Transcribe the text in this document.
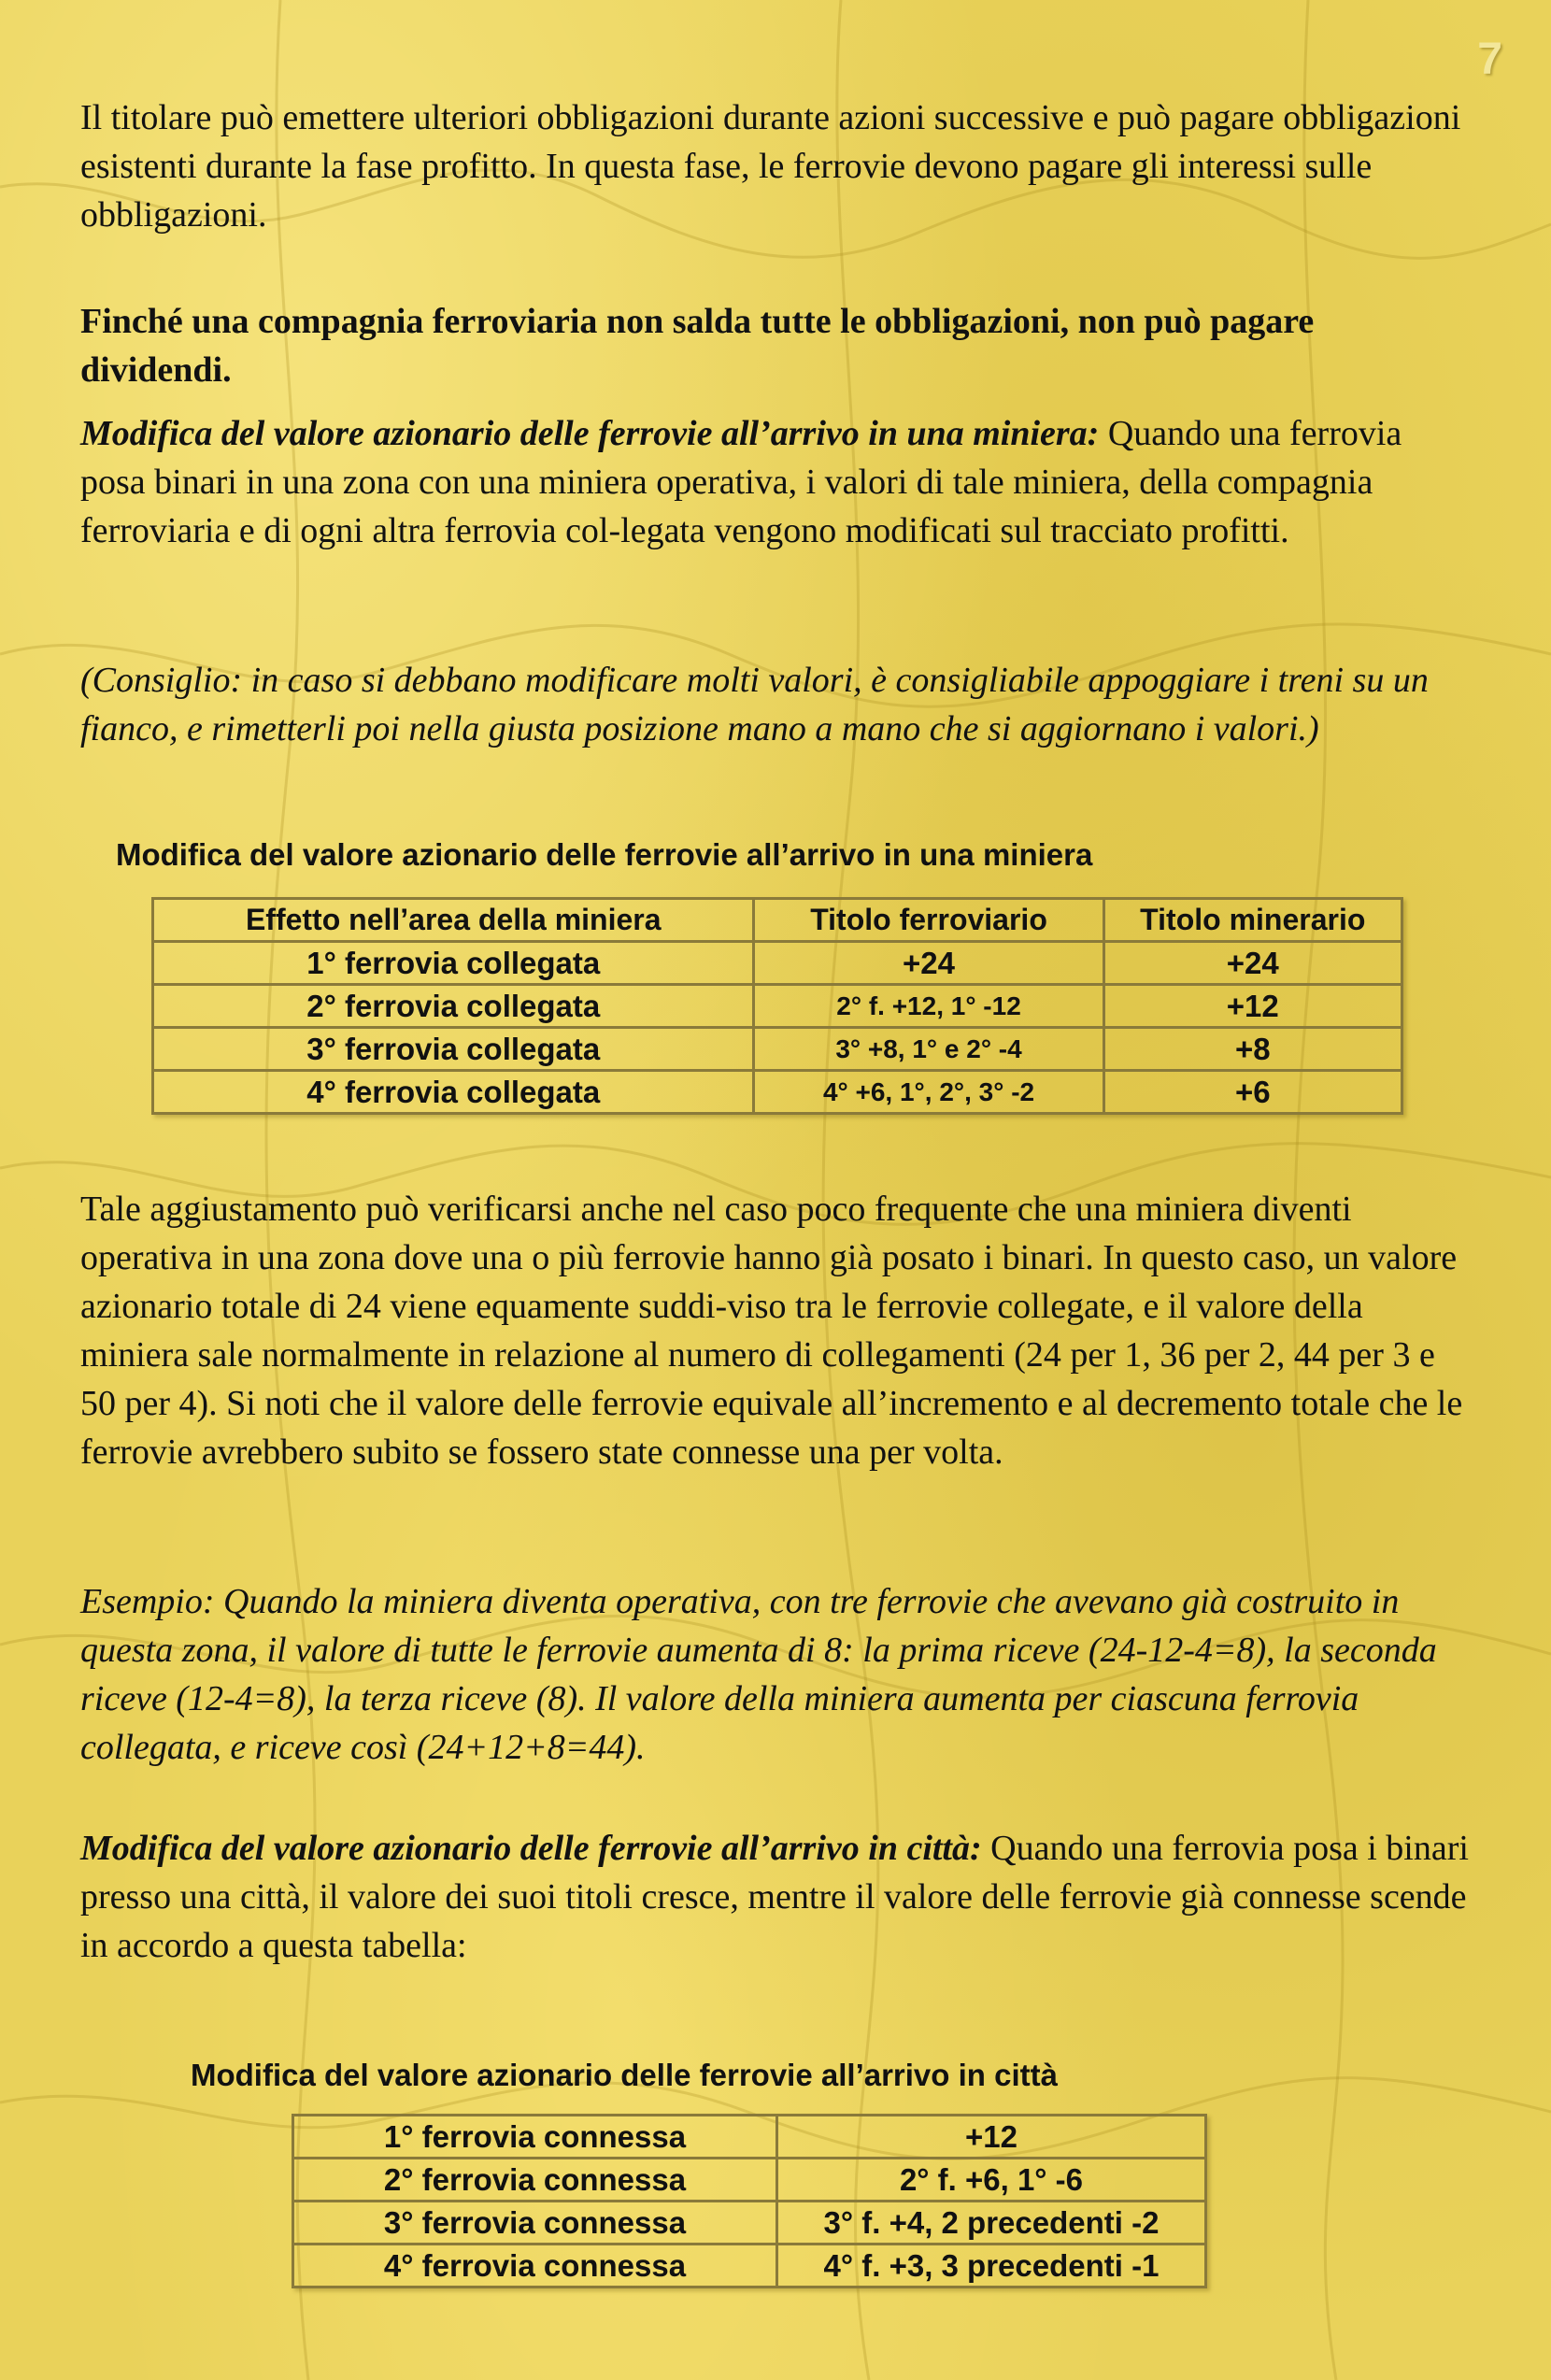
7

Il titolare può emettere ulteriori obbligazioni durante azioni successive e può pagare obbligazioni esistenti durante la fase profitto. In questa fase, le ferrovie devono pagare gli interessi sulle obbligazioni.

Finché una compagnia ferroviaria non salda tutte le obbligazioni, non può pagare dividendi.

Modifica del valore azionario delle ferrovie all’arrivo in una miniera: Quando una ferrovia posa binari in una zona con una miniera operativa, i valori di tale miniera, della compagnia ferroviaria e di ogni altra ferrovia col-legata vengono modificati sul tracciato profitti.

(Consiglio: in caso si debbano modificare molti valori, è consigliabile appoggiare i treni su un fianco, e rimetterli poi nella giusta posizione mano a mano che si aggiornano i valori.)

Modifica del valore azionario delle ferrovie all’arrivo in una miniera
Effetto nell’area della miniera	Titolo ferroviario	Titolo minerario
1° ferrovia collegata	+24	+24
2° ferrovia collegata	2° f. +12, 1° -12	+12
3° ferrovia collegata	3° +8, 1° e 2° -4	+8
4° ferrovia collegata	4° +6, 1°, 2°, 3° -2	+6

Tale aggiustamento può verificarsi anche nel caso poco frequente che una miniera diventi operativa in una zona dove una o più ferrovie hanno già posato i binari. In questo caso, un valore azionario totale di 24 viene equamente suddi-viso tra le ferrovie collegate, e il valore della miniera sale normalmente in relazione al numero di collegamenti (24 per 1, 36 per 2, 44 per 3 e 50 per 4). Si noti che il valore delle ferrovie equivale all’incremento e al decremento totale che le ferrovie avrebbero subito se fossero state connesse una per volta.

Esempio: Quando la miniera diventa operativa, con tre ferrovie che avevano già costruito in questa zona, il valore di tutte le ferrovie aumenta di 8: la prima riceve (24-12-4=8), la seconda riceve (12-4=8), la terza riceve (8). Il valore della miniera aumenta per ciascuna ferrovia collegata, e riceve così (24+12+8=44).

Modifica del valore azionario delle ferrovie all’arrivo in città: Quando una ferrovia posa i binari presso una città, il valore dei suoi titoli cresce, mentre il valore delle ferrovie già connesse scende in accordo a questa tabella:

Modifica del valore azionario delle ferrovie all’arrivo in città
1° ferrovia connessa	+12
2° ferrovia connessa	2° f. +6, 1° -6
3° ferrovia connessa	3° f. +4, 2 precedenti -2
4° ferrovia connessa	4° f. +3, 3 precedenti -1
